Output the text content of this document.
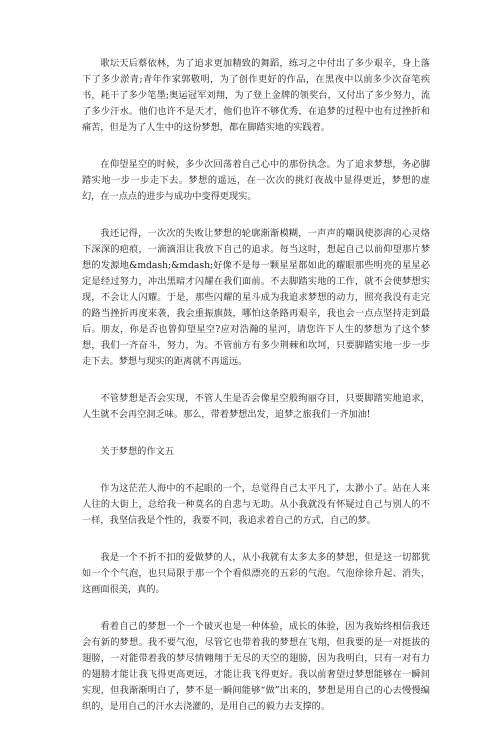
歌坛天后蔡依林，为了追求更加精致的舞蹈，练习之中付出了多少艰辛，身上落下了多少淤青;青年作家郭敬明，为了创作更好的作品，在黑夜中以前多少次奋笔疾书，耗干了多少笔墨;奥运冠军刘翔，为了登上金牌的领奖台，又付出了多少努力，流了多少汗水。他们也许不是天才，他们也许不够优秀，在追梦的过程中也有过挫折和痛苦，但是为了人生中的这份梦想，都在脚踏实地的实践着。

在仰望星空的时候，多少次回荡着自己心中的那份执念。为了追求梦想，务必脚踏实地一步一步走下去。梦想的遥远，在一次次的挑灯夜战中显得更近，梦想的虚幻，在一点点的进步与成功中变得更现实。

我还记得，一次次的失败让梦想的轮廓渐渐模糊，一声声的嘲讽使澎湃的心灵烙下深深的疤痕，一滴滴泪让我放下自己的追求。每当这时，想起自己以前仰望那片梦想的发源地&mdash;&mdash;好像不是每一颗星星都如此的耀眼那些明亮的星星必定是经过努力，冲出黑暗才闪耀在我们面前。不去脚踏实地的工作，就不会使梦想实现，不会让人闪耀。于是，那些闪耀的星斗成为我追求梦想的动力，照亮我没有走完的路当挫折再度来袭，我会重振旗鼓，哪怕这条路再艰辛，我也会一点点坚持走到最后。朋友，你是否也曾仰望星空?应对浩瀚的星河，请您许下人生的梦想为了这个梦想，我们一齐奋斗，努力，为。不管前方有多少荆棘和坎坷，只要脚踏实地一步一步走下去。梦想与现实的距离就不再遥远。

不管梦想是否会实现，不管人生是否会像星空般绚丽夺目，只要脚踏实地追求，人生就不会再空洞乏味。那么，带着梦想出发，追梦之旅我们一齐加油!

关于梦想的作文五

作为这茫茫人海中的不起眼的一个，总觉得自己太平凡了，太渺小了。站在人来人往的大街上，总给我一种莫名的自悲与无助。从小我就没有怀疑过自己与别人的不一样，我坚信我是个性的，我要不同，我追求着自己的方式，自己的梦。

我是一个不折不扣的爱做梦的人，从小我就有太多太多的梦想，但是这一切都犹如一个个气泡，也只局限于那一个个看似漂亮的五彩的气泡。气泡徐徐升起、消失，这画面很美，真的。

看着自己的梦想一个一个破灭也是一种体验，成长的体验，因为我始终相信我还会有新的梦想。我不要气泡，尽管它也带着我的梦想在飞翔，但我要的是一对挺拔的翅膀，一对能带着我的梦尽情翱翔于无尽的天空的翅膀，因为我明白，只有一对有力的翅膀才能让我飞得更高更远，才能让我飞得更好。我以前奢望过梦想能够在一瞬间实现，但我渐渐明白了，梦不是一瞬间能够“做”出来的，梦想是用自己的心去慢慢编织的，是用自己的汗水去浇灌的，是用自己的毅力去支撑的。
